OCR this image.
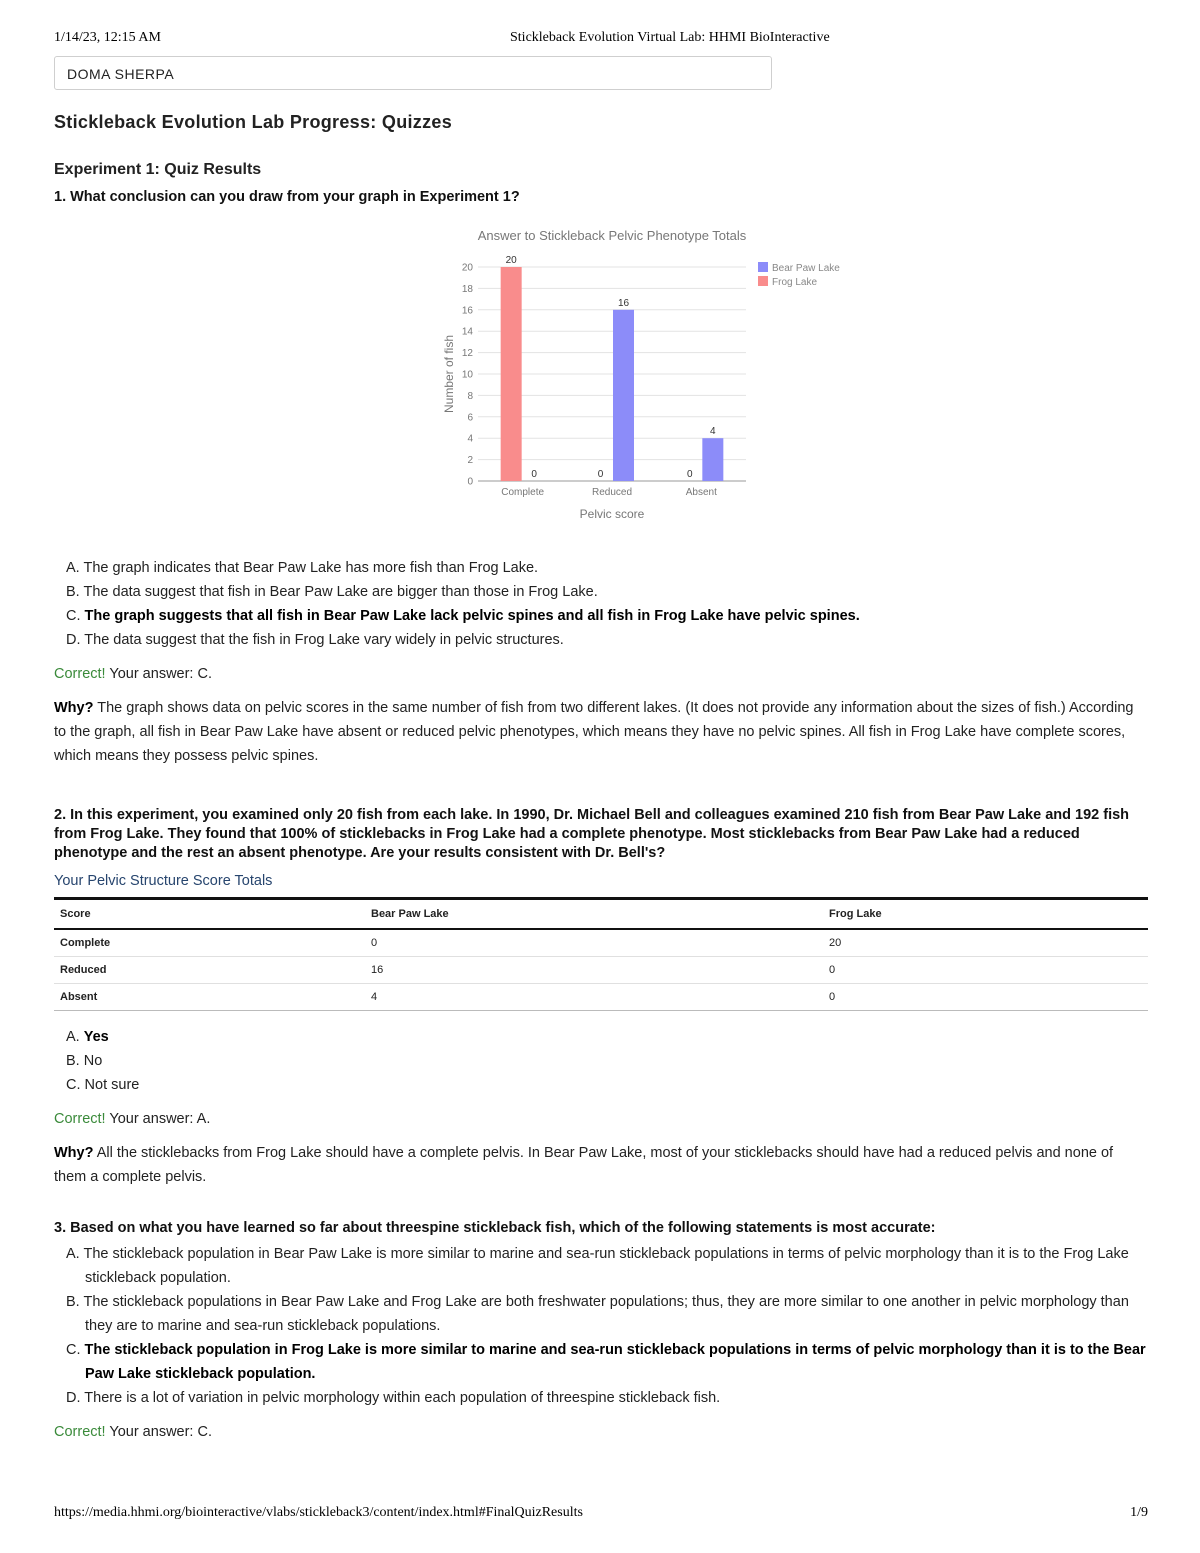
1/14/23, 12:15 AM	Stickleback Evolution Virtual Lab: HHMI BioInteractive
DOMA SHERPA
Stickleback Evolution Lab Progress: Quizzes
Experiment 1: Quiz Results

1. What conclusion can you draw from your graph in Experiment 1?

Answer to Stickleback Pelvic Phenotype Totals
0
2
4
6
8
10
12
14
16
18
20
Complete
0
20
Reduced
16
0
Absent
4
0
Pelvic score
Number of fish
Bear Paw Lake
Frog Lake
A. The graph indicates that Bear Paw Lake has more fish than Frog Lake.
B. The data suggest that fish in Bear Paw Lake are bigger than those in Frog Lake.
C. The graph suggests that all fish in Bear Paw Lake lack pelvic spines and all fish in Frog Lake have pelvic spines.
D. The data suggest that the fish in Frog Lake vary widely in pelvic structures.
Correct! Your answer: C.
Why? The graph shows data on pelvic scores in the same number of fish from two different lakes. (It does not provide any information about the sizes of fish.) According to the graph, all fish in Bear Paw Lake have absent or reduced pelvic phenotypes, which means they have no pelvic spines. All fish in Frog Lake have complete scores, which means they possess pelvic spines.

2. In this experiment, you examined only 20 fish from each lake. In 1990, Dr. Michael Bell and colleagues examined 210 fish from Bear Paw Lake and 192 fish from Frog Lake. They found that 100% of sticklebacks in Frog Lake had a complete phenotype. Most sticklebacks from Bear Paw Lake had a reduced phenotype and the rest an absent phenotype. Are your results consistent with Dr. Bell's?

Your Pelvic Structure Score Totals
Score	Bear Paw Lake	Frog Lake
Complete	0	20
Reduced	16	0
Absent	4	0
A. Yes
B. No
C. Not sure
Correct! Your answer: A.
Why? All the sticklebacks from Frog Lake should have a complete pelvis. In Bear Paw Lake, most of your sticklebacks should have had a reduced pelvis and none of them a complete pelvis.

3. Based on what you have learned so far about threespine stickleback fish, which of the following statements is most accurate:

A. The stickleback population in Bear Paw Lake is more similar to marine and sea-run stickleback populations in terms of pelvic morphology than it is to the Frog Lake stickleback population.
B. The stickleback populations in Bear Paw Lake and Frog Lake are both freshwater populations; thus, they are more similar to one another in pelvic morphology than they are to marine and sea-run stickleback populations.
C. The stickleback population in Frog Lake is more similar to marine and sea-run stickleback populations in terms of pelvic morphology than it is to the Bear Paw Lake stickleback population.
D. There is a lot of variation in pelvic morphology within each population of threespine stickleback fish.
Correct! Your answer: C.
https://media.hhmi.org/biointeractive/vlabs/stickleback3/content/index.html#FinalQuizResults	1/9
